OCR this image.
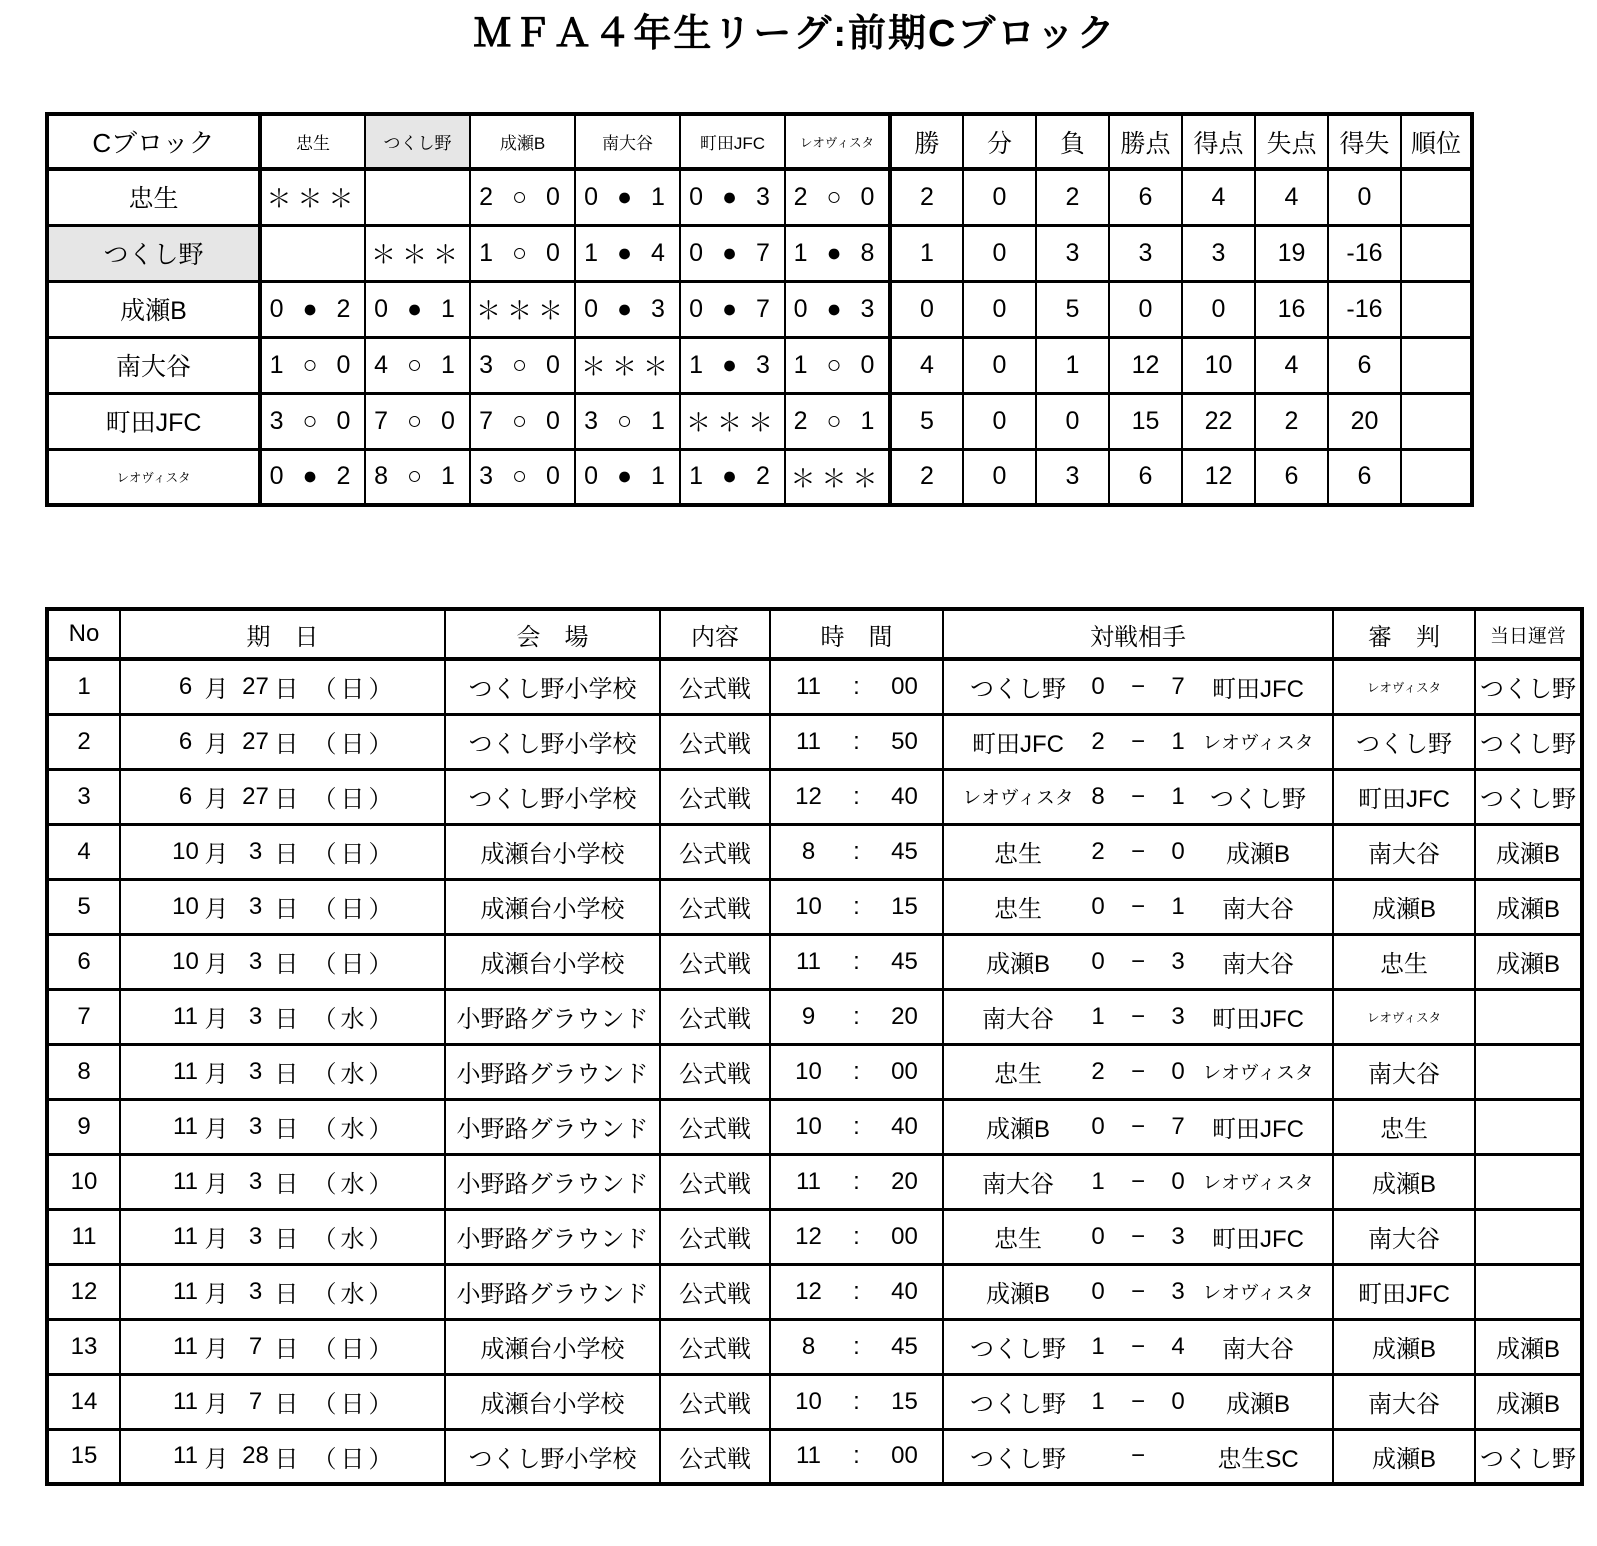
ＭＦＡ４年生リーグ:前期Cブロック
Cブロック	忠生	つくし野	成瀬B	南大谷	町田JFC	レオヴィスタ	勝	分	負	勝点	得点	失点	得失	順位
忠生	＊＊＊		2 ○ 0	0 ● 1	0 ● 3	2 ○ 0	2	0	2	6	4	4	0	
つくし野		＊＊＊	1 ○ 0	1 ● 4	0 ● 7	1 ● 8	1	0	3	3	3	19	-16	
成瀬B	0 ● 2	0 ● 1	＊＊＊	0 ● 3	0 ● 7	0 ● 3	0	0	5	0	0	16	-16	
南大谷	1 ○ 0	4 ○ 1	3 ○ 0	＊＊＊	1 ● 3	1 ○ 0	4	0	1	12	10	4	6	
町田JFC	3 ○ 0	7 ○ 0	7 ○ 0	3 ○ 1	＊＊＊	2 ○ 1	5	0	0	15	22	2	20	
レオヴィスタ	0 ● 2	8 ○ 1	3 ○ 0	0 ● 1	1 ● 2	＊＊＊	2	0	3	6	12	6	6	
No	期　日	会　場	内容	時　間	対戦相手	審　判	当日運営
1	6 月 27 日 （ 日 ）	つくし野小学校	公式戦	11	:	00	つくし野	0	−	7	町田JFC	レオヴィスタ	つくし野
2	6 月 27 日 （ 日 ）	つくし野小学校	公式戦	11	:	50	町田JFC	2	−	1 レオヴィスタ	つくし野	つくし野
3	6 月 27 日 （ 日 ）	つくし野小学校	公式戦	12	:	40	レオヴィスタ 8	−	1	つくし野	町田JFC	つくし野
4	10 月 3 日 （ 日 ）	成瀬台小学校	公式戦	8	:	45	忠生	2	−	0	成瀬B	南大谷	成瀬B
5	10 月 3 日 （ 日 ）	成瀬台小学校	公式戦	10	:	15	忠生	0	−	1	南大谷	成瀬B	成瀬B
6	10 月 3 日 （ 日 ）	成瀬台小学校	公式戦	11	:	45	成瀬B	0	−	3	南大谷	忠生	成瀬B
7	11 月 3 日 （ 水 ）	小野路グラウンド	公式戦	9	:	20	南大谷	1	−	3	町田JFC	レオヴィスタ	
8	11 月 3 日 （ 水 ）	小野路グラウンド	公式戦	10	:	00	忠生	2	−	0 レオヴィスタ	南大谷	
9	11 月 3 日 （ 水 ）	小野路グラウンド	公式戦	10	:	40	成瀬B	0	−	7	町田JFC	忠生	
10	11 月 3 日 （ 水 ）	小野路グラウンド	公式戦	11	:	20	南大谷	1	−	0 レオヴィスタ	成瀬B	
11	11 月 3 日 （ 水 ）	小野路グラウンド	公式戦	12	:	00	忠生	0	−	3	町田JFC	南大谷	
12	11 月 3 日 （ 水 ）	小野路グラウンド	公式戦	12	:	40	成瀬B	0	−	3 レオヴィスタ	町田JFC	
13	11 月 7 日 （ 日 ）	成瀬台小学校	公式戦	8	:	45	つくし野	1	−	4	南大谷	成瀬B	成瀬B
14	11 月 7 日 （ 日 ）	成瀬台小学校	公式戦	10	:	15	つくし野	1	−	0	成瀬B	南大谷	成瀬B
15	11 月 28 日 （ 日 ）	つくし野小学校	公式戦	11	:	00	つくし野	−	忠生SC	成瀬B	つくし野
